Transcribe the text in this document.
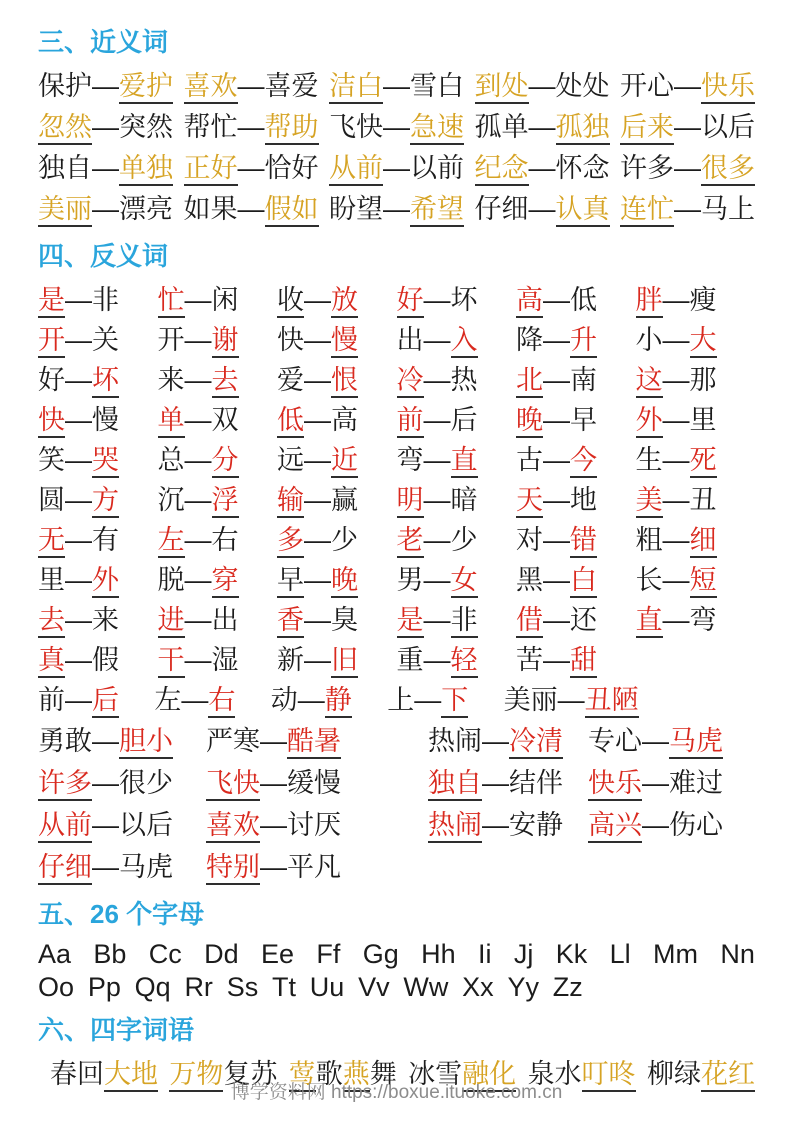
三、近义词
保护—爱护 喜欢—喜爱 洁白—雪白 到处—处处 开心—快乐
忽然—突然 帮忙—帮助 飞快—急速 孤单—孤独 后来—以后
独自—单独 正好—恰好 从前—以前 纪念—怀念 许多—很多
美丽—漂亮 如果—假如 盼望—希望 仔细—认真 连忙—马上
四、反义词
是—非	忙—闲	收—放	好—坏	高—低	胖—瘦
开—关	开—谢	快—慢	出—入	降—升	小—大
好—坏	来—去	爱—恨	冷—热	北—南	这—那
快—慢	单—双	低—高	前—后	晚—早	外—里
笑—哭	总—分	远—近	弯—直	古—今	生—死
圆—方	沉—浮	输—赢	明—暗	天—地	美—丑
无—有	左—右	多—少	老—少	对—错	粗—细
里—外	脱—穿	早—晚	男—女	黑—白	长—短
去—来	进—出	香—臭	是—非	借—还	直—弯
真—假	干—湿	新—旧	重—轻	苦—甜
前—后	左—右	动—静	上—下	美丽—丑陋
勇敢—胆小	严寒—酷暑	热闹—冷清 专心—马虎
许多—很少	飞快—缓慢	独自—结伴 快乐—难过
从前—以后	喜欢—讨厌	热闹—安静 高兴—伤心
仔细—马虎	特别—平凡
五、26 个字母
Aa Bb Cc Dd Ee Ff Gg Hh Ii Jj Kk Ll Mm Nn
Oo Pp Qq Rr Ss Tt Uu Vv Ww Xx Yy Zz
六、四字词语
春回大地 万物复苏 莺歌燕舞 冰雪融化 泉水叮咚 柳绿花红
博学资料网 https://boxue.ituoke.com.cn
